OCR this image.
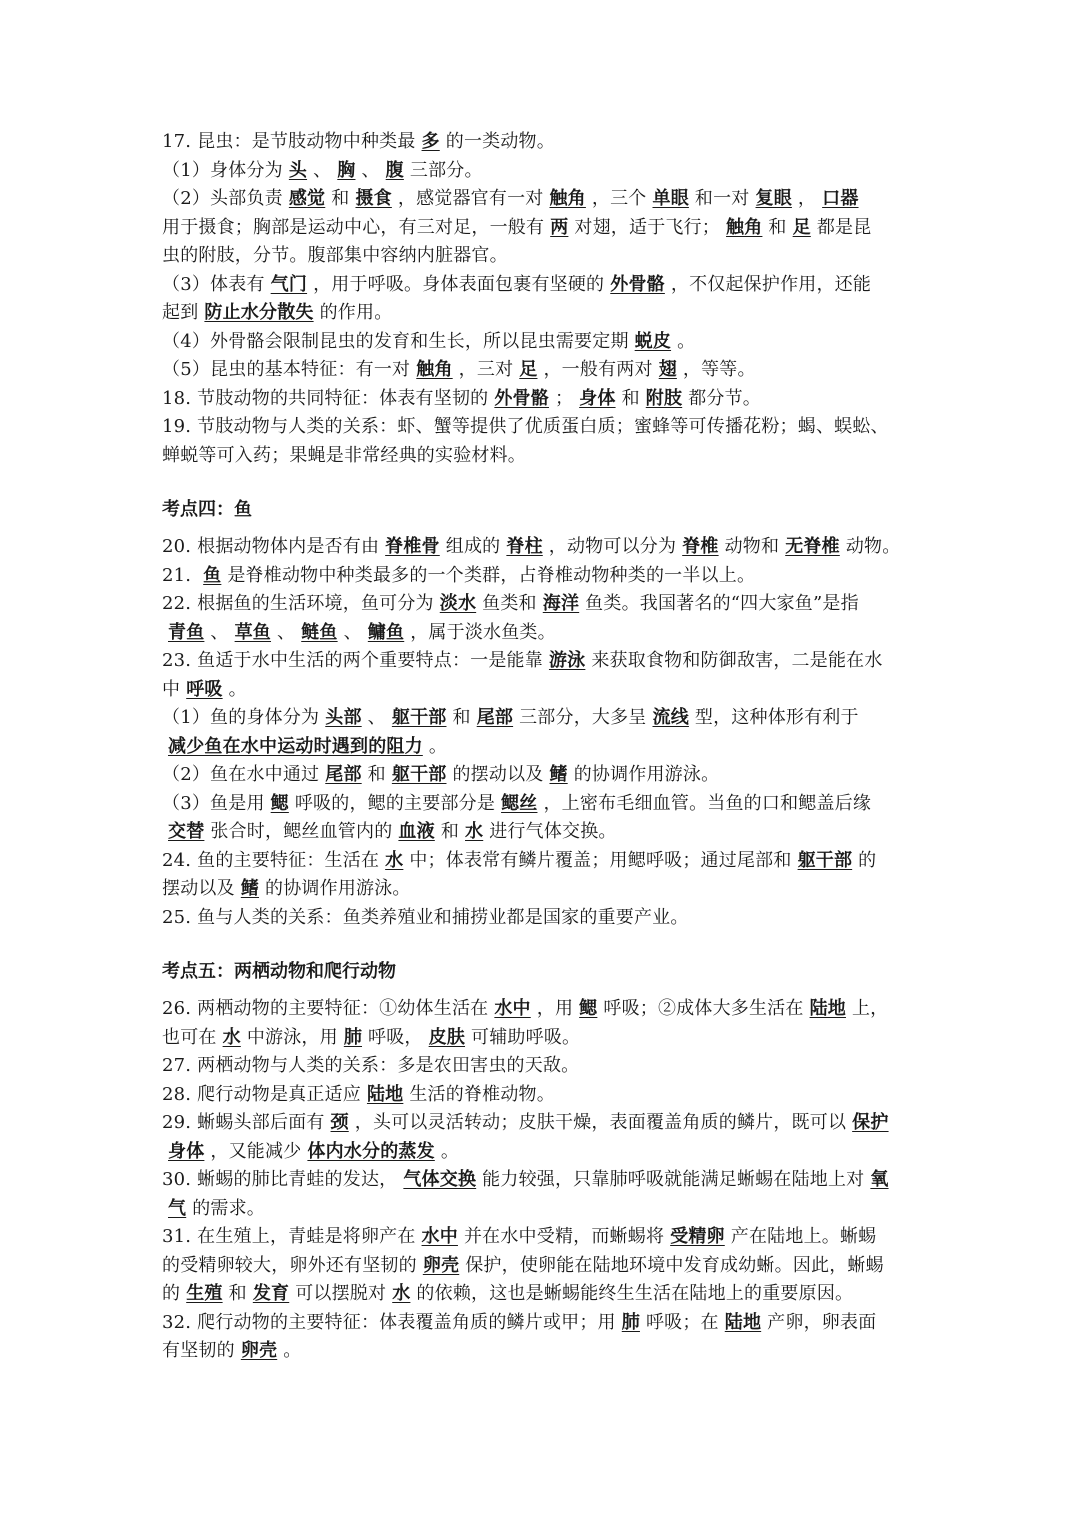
17. 昆虫：是节肢动物中种类最 多 的一类动物。
（1）身体分为 头 、 胸 、 腹 三部分。
（2）头部负责 感觉 和 摄食 ，感觉器官有一对 触角 ，三个 单眼 和一对 复眼 ， 口器
用于摄食；胸部是运动中心，有三对足，一般有 两 对翅，适于飞行； 触角 和 足 都是昆
虫的附肢，分节。腹部集中容纳内脏器官。
（3）体表有 气门 ，用于呼吸。身体表面包裹有坚硬的 外骨骼 ，不仅起保护作用，还能
起到 防止水分散失 的作用。
（4）外骨骼会限制昆虫的发育和生长，所以昆虫需要定期 蜕皮 。
（5）昆虫的基本特征：有一对 触角 ，三对 足 ，一般有两对 翅 ，等等。
18. 节肢动物的共同特征：体表有坚韧的 外骨骼 ； 身体 和 附肢 都分节。
19. 节肢动物与人类的关系：虾、蟹等提供了优质蛋白质；蜜蜂等可传播花粉；蝎、蜈蚣、
蝉蜕等可入药；果蝇是非常经典的实验材料。
考点四：鱼
20. 根据动物体内是否有由 脊椎骨 组成的 脊柱 ，动物可以分为 脊椎 动物和 无脊椎 动物。
21. 鱼 是脊椎动物中种类最多的一个类群，占脊椎动物种类的一半以上。
22. 根据鱼的生活环境，鱼可分为 淡水 鱼类和 海洋 鱼类。我国著名的“四大家鱼”是指
青鱼 、 草鱼 、 鲢鱼 、 鳙鱼 ，属于淡水鱼类。
23. 鱼适于水中生活的两个重要特点：一是能靠 游泳 来获取食物和防御敌害，二是能在水
中 呼吸 。
（1）鱼的身体分为 头部 、 躯干部 和 尾部 三部分，大多呈 流线 型，这种体形有利于
减少鱼在水中运动时遇到的阻力 。
（2）鱼在水中通过 尾部 和 躯干部 的摆动以及 鳍 的协调作用游泳。
（3）鱼是用 鳃 呼吸的，鳃的主要部分是 鳃丝 ，上密布毛细血管。当鱼的口和鳃盖后缘
交替 张合时，鳃丝血管内的 血液 和 水 进行气体交换。
24. 鱼的主要特征：生活在 水 中；体表常有鳞片覆盖；用鳃呼吸；通过尾部和 躯干部 的
摆动以及 鳍 的协调作用游泳。
25. 鱼与人类的关系：鱼类养殖业和捕捞业都是国家的重要产业。
考点五：两栖动物和爬行动物
26. 两栖动物的主要特征：①幼体生活在 水中 ，用 鳃 呼吸；②成体大多生活在 陆地 上，
也可在 水 中游泳，用 肺 呼吸， 皮肤 可辅助呼吸。
27. 两栖动物与人类的关系：多是农田害虫的天敌。
28. 爬行动物是真正适应 陆地 生活的脊椎动物。
29. 蜥蜴头部后面有 颈 ，头可以灵活转动；皮肤干燥，表面覆盖角质的鳞片，既可以 保护
身体 ，又能减少 体内水分的蒸发 。
30. 蜥蜴的肺比青蛙的发达， 气体交换 能力较强，只靠肺呼吸就能满足蜥蜴在陆地上对 氧
气 的需求。
31. 在生殖上，青蛙是将卵产在 水中 并在水中受精，而蜥蜴将 受精卵 产在陆地上。蜥蜴
的受精卵较大，卵外还有坚韧的 卵壳 保护，使卵能在陆地环境中发育成幼蜥。因此，蜥蜴
的 生殖 和 发育 可以摆脱对 水 的依赖，这也是蜥蜴能终生生活在陆地上的重要原因。
32. 爬行动物的主要特征：体表覆盖角质的鳞片或甲；用 肺 呼吸；在 陆地 产卵，卵表面
有坚韧的 卵壳 。
